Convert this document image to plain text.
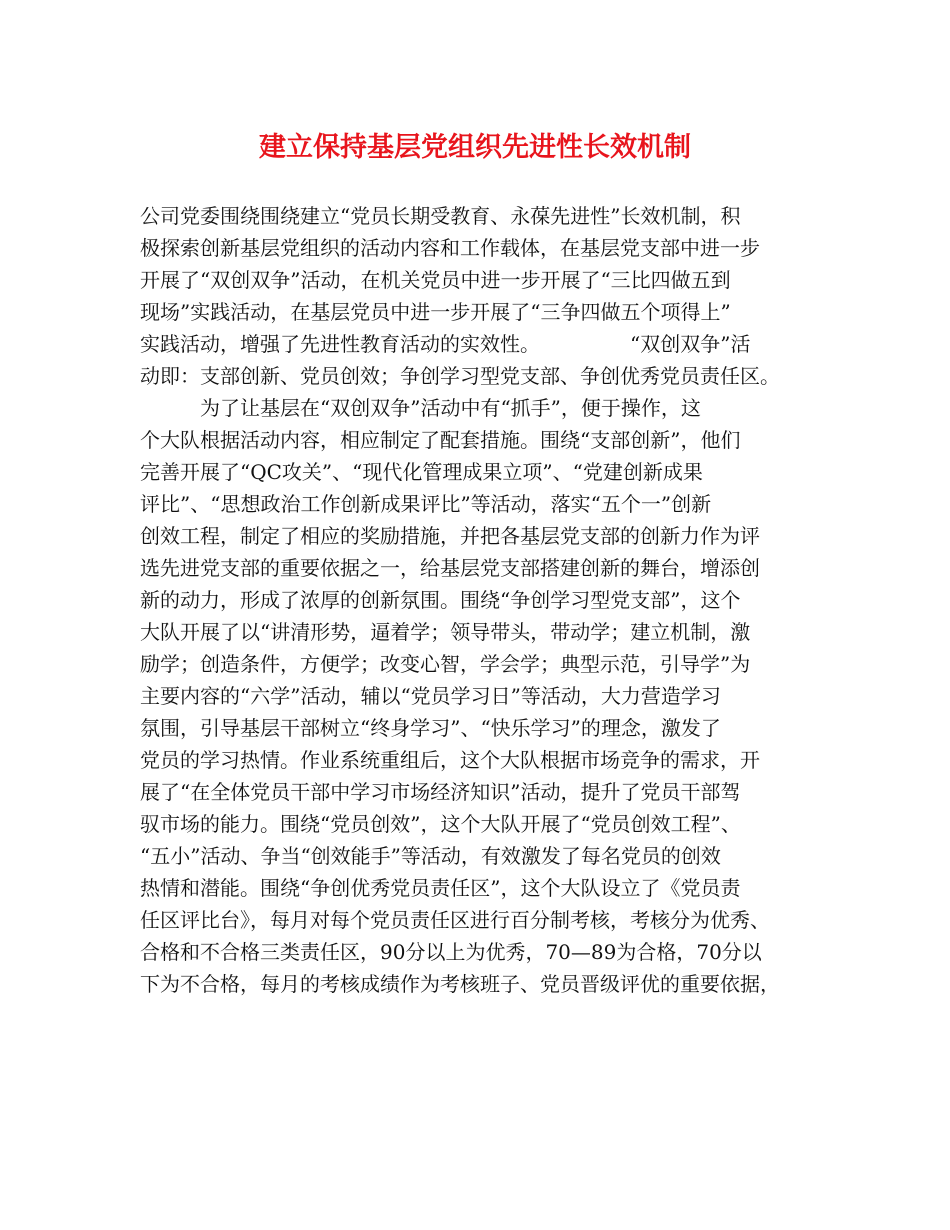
建立保持基层党组织先进性长效机制
公司党委围绕围绕建立“党员长期受教育、永葆先进性”长效机制，积
极探索创新基层党组织的活动内容和工作载体，在基层党支部中进一步
开展了“双创双争”活动，在机关党员中进一步开展了“三比四做五到
现场”实践活动，在基层党员中进一步开展了“三争四做五个项得上”
实践活动，增强了先进性教育活动的实效性。　　　　　“双创双争”活
动即：支部创新、党员创效；争创学习型党支部、争创优秀党员责任区。
　　　为了让基层在“双创双争”活动中有“抓手”，便于操作，这
个大队根据活动内容，相应制定了配套措施。围绕“支部创新”，他们
完善开展了“QC攻关”、“现代化管理成果立项”、“党建创新成果
评比”、“思想政治工作创新成果评比”等活动，落实“五个一”创新
创效工程，制定了相应的奖励措施，并把各基层党支部的创新力作为评
选先进党支部的重要依据之一，给基层党支部搭建创新的舞台，增添创
新的动力，形成了浓厚的创新氛围。围绕“争创学习型党支部”，这个
大队开展了以“讲清形势，逼着学；领导带头，带动学；建立机制，激
励学；创造条件，方便学；改变心智，学会学；典型示范，引导学”为
主要内容的“六学”活动，辅以“党员学习日”等活动，大力营造学习
氛围，引导基层干部树立“终身学习”、“快乐学习”的理念，激发了
党员的学习热情。作业系统重组后，这个大队根据市场竞争的需求，开
展了“在全体党员干部中学习市场经济知识”活动，提升了党员干部驾
驭市场的能力。围绕“党员创效”，这个大队开展了“党员创效工程”、
“五小”活动、争当“创效能手”等活动，有效激发了每名党员的创效
热情和潜能。围绕“争创优秀党员责任区”，这个大队设立了《党员责
任区评比台》，每月对每个党员责任区进行百分制考核，考核分为优秀、
合格和不合格三类责任区，90分以上为优秀，70—89为合格，70分以
下为不合格，每月的考核成绩作为考核班子、党员晋级评优的重要依据，
